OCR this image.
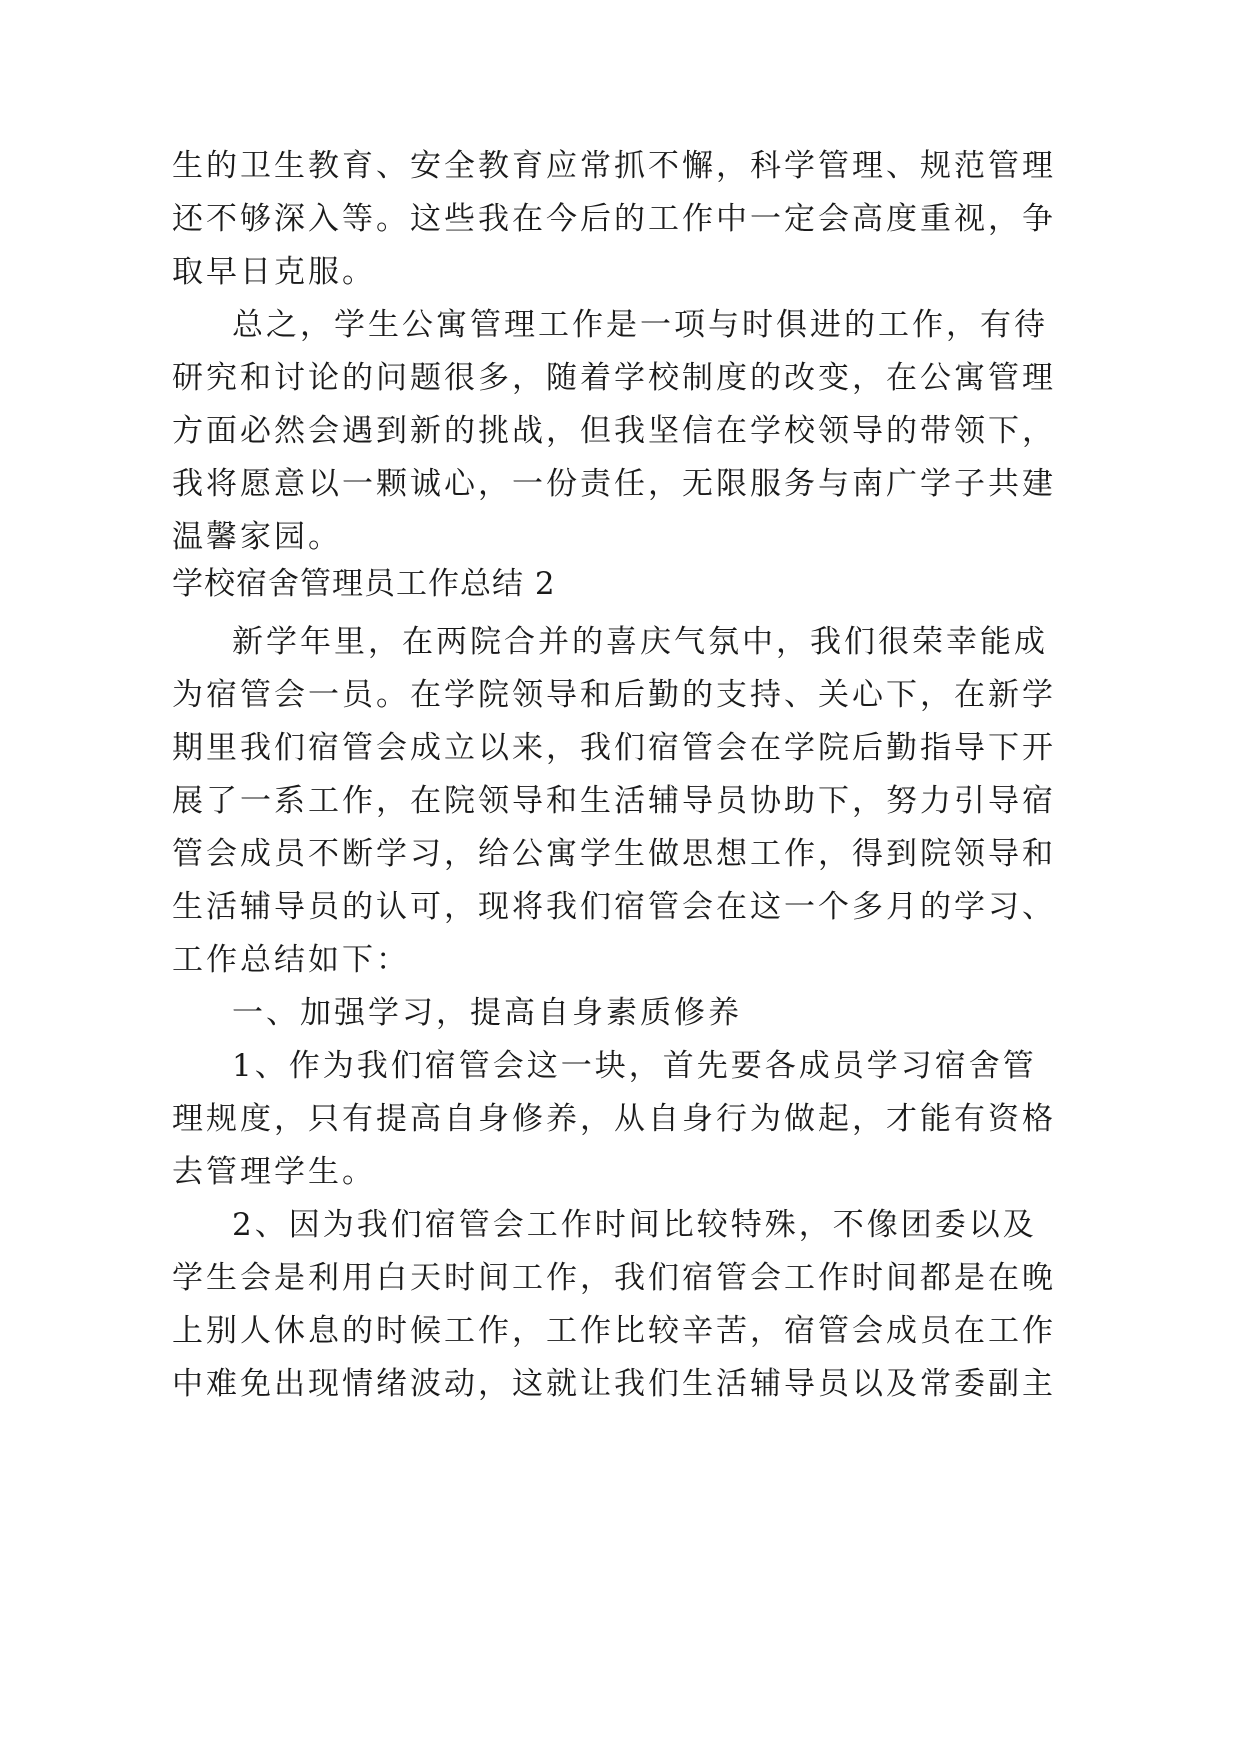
生的卫生教育、安全教育应常抓不懈，科学管理、规范管理
还不够深入等。这些我在今后的工作中一定会高度重视，争
取早日克服。
总之，学生公寓管理工作是一项与时俱进的工作，有待
研究和讨论的问题很多，随着学校制度的改变，在公寓管理
方面必然会遇到新的挑战，但我坚信在学校领导的带领下，
我将愿意以一颗诚心，一份责任，无限服务与南广学子共建
温馨家园。
学校宿舍管理员工作总结 2
新学年里，在两院合并的喜庆气氛中，我们很荣幸能成
为宿管会一员。在学院领导和后勤的支持、关心下，在新学
期里我们宿管会成立以来，我们宿管会在学院后勤指导下开
展了一系工作，在院领导和生活辅导员协助下，努力引导宿
管会成员不断学习，给公寓学生做思想工作，得到院领导和
生活辅导员的认可，现将我们宿管会在这一个多月的学习、
工作总结如下：
一、加强学习，提高自身素质修养
1、作为我们宿管会这一块，首先要各成员学习宿舍管
理规度，只有提高自身修养，从自身行为做起，才能有资格
去管理学生。
2、因为我们宿管会工作时间比较特殊，不像团委以及
学生会是利用白天时间工作，我们宿管会工作时间都是在晚
上别人休息的时候工作，工作比较辛苦，宿管会成员在工作
中难免出现情绪波动，这就让我们生活辅导员以及常委副主
